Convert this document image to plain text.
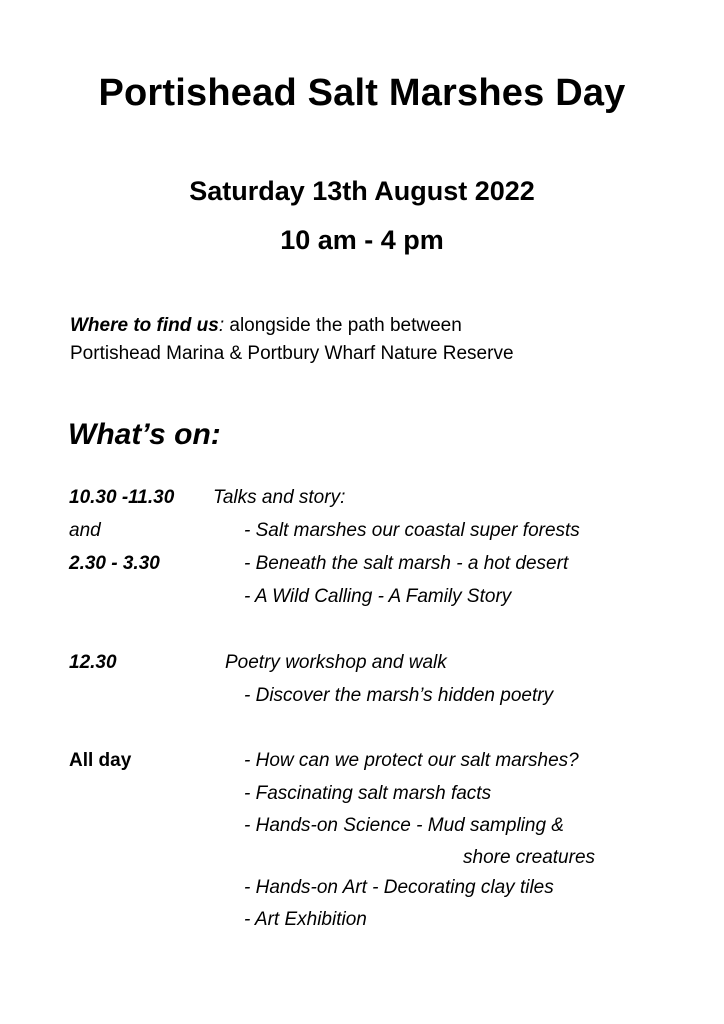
Portishead Salt Marshes Day
Saturday 13th August 2022
10 am - 4 pm
Where to find us: alongside the path between
Portishead Marina & Portbury Wharf Nature Reserve
What’s on:
10.30 -11.30 Talks and story:
and	- Salt marshes our coastal super forests
2.30 - 3.30	- Beneath the salt marsh - a hot desert
- A Wild Calling - A Family Story
12.30	Poetry workshop and walk
- Discover the marsh’s hidden poetry
All day	- How can we protect our salt marshes?
- Fascinating salt marsh facts
- Hands-on Science - Mud sampling &
shore creatures
- Hands-on Art - Decorating clay tiles
- Art Exhibition
